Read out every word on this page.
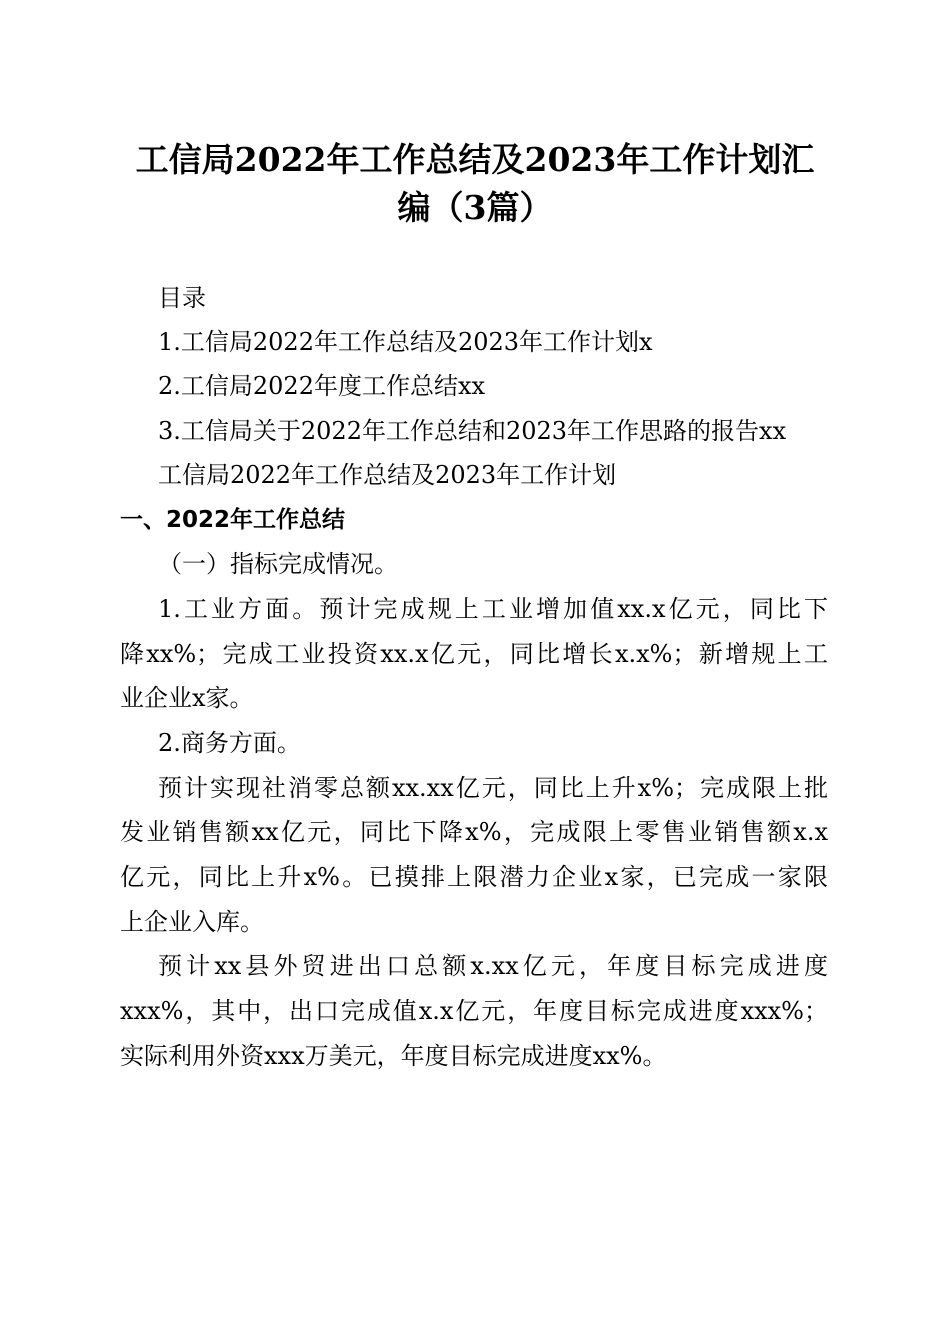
工信局2022年工作总结及2023年工作计划汇
编（3篇）
目录
1.工信局2022年工作总结及2023年工作计划x
2.工信局2022年度工作总结xx
3.工信局关于2022年工作总结和2023年工作思路的报告xx
工信局2022年工作总结及2023年工作计划
一、2022年工作总结
（一）指标完成情况。
1.工业方面。预计完成规上工业增加值xx.x亿元，同比下
降xx%；完成工业投资xx.x亿元，同比增长x.x%；新增规上工
业企业x家。
2.商务方面。
预计实现社消零总额xx.xx亿元，同比上升x%；完成限上批
发业销售额xx亿元，同比下降x%，完成限上零售业销售额x.x
亿元，同比上升x%。已摸排上限潜力企业x家，已完成一家限
上企业入库。
预计xx县外贸进出口总额x.xx亿元，年度目标完成进度
xxx%，其中，出口完成值x.x亿元，年度目标完成进度xxx%；
实际利用外资xxx万美元，年度目标完成进度xx%。
